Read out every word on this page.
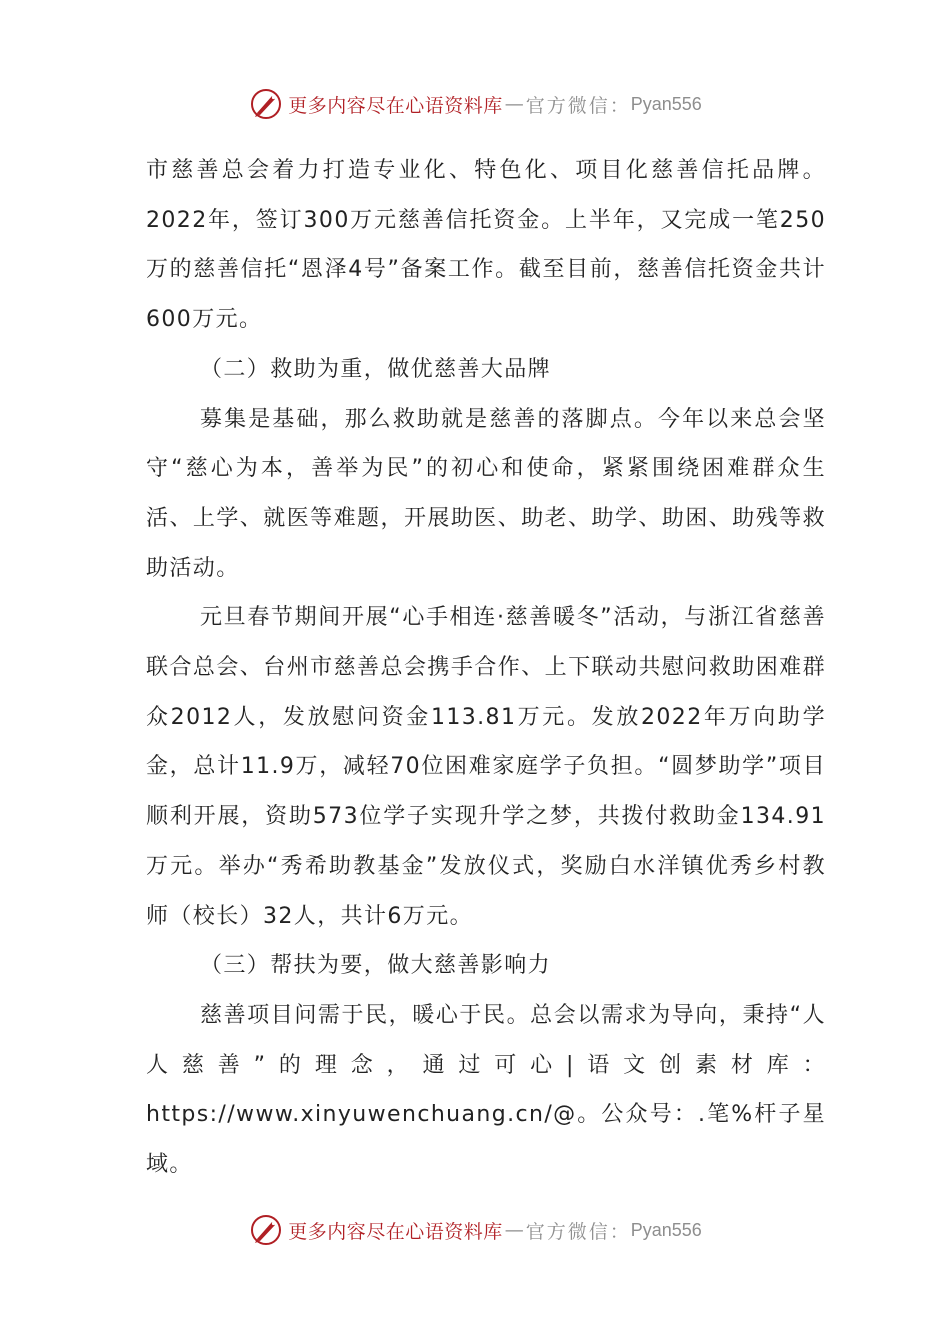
更多内容尽在心语资料库 — 官方微信： Pyan556

市慈善总会着力打造专业化、特色化、项目化慈善信托品牌。2022年，签订300万元慈善信托资金。上半年，又完成一笔250万的慈善信托“恩泽4号”备案工作。截至目前，慈善信托资金共计600万元。

（二）救助为重，做优慈善大品牌

募集是基础，那么救助就是慈善的落脚点。今年以来总会坚守“慈心为本，善举为民”的初心和使命，紧紧围绕困难群众生活、上学、就医等难题，开展助医、助老、助学、助困、助残等救助活动。

元旦春节期间开展“心手相连·慈善暖冬”活动，与浙江省慈善联合总会、台州市慈善总会携手合作、上下联动共慰问救助困难群众2012人，发放慰问资金113.81万元。发放2022年万向助学金，总计11.9万，减轻70位困难家庭学子负担。“圆梦助学”项目顺利开展，资助573位学子实现升学之梦，共拨付救助金134.91万元。举办“秀希助教基金”发放仪式，奖励白水洋镇优秀乡村教师（校长）32人，共计6万元。

（三）帮扶为要，做大慈善影响力

慈善项目问需于民，暖心于民。总会以需求为导向，秉持“人人慈善”的理念，通过可心|语文创素材库：https://www.xinyuwenchuang.cn/@。公众号：.笔%杆子星域。

更多内容尽在心语资料库 — 官方微信： Pyan556
